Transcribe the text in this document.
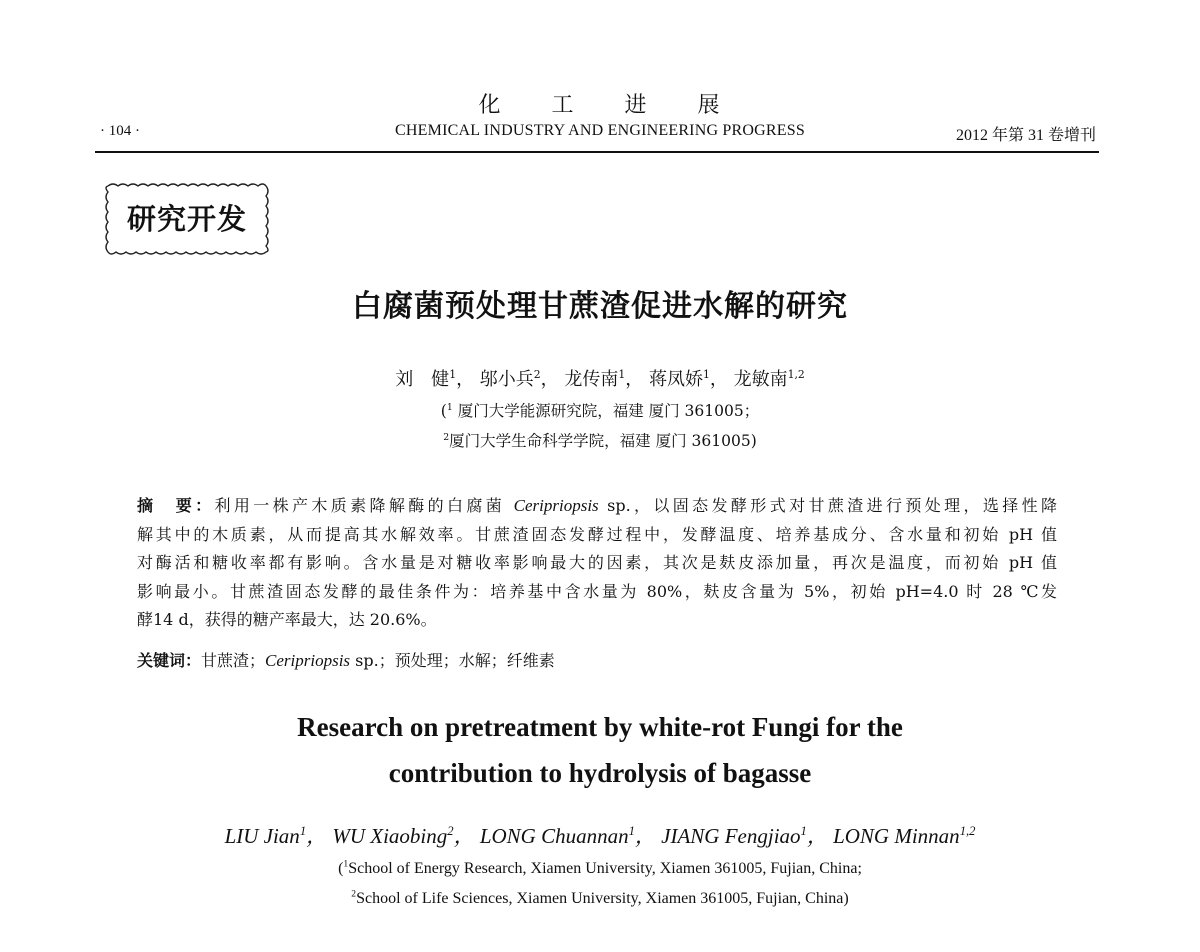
化 工 进 展
· 104 ·	CHEMICAL INDUSTRY AND ENGINEERING PROGRESS	2012 年第 31 卷增刊
研究开发
白腐菌预处理甘蔗渣促进水解的研究
刘　健$^1$， 邬小兵$^2$， 龙传南$^1$， 蒋凤娇$^1$， 龙敏南$^{1,2}$
($^1$ 厦门大学能源研究院，福建 厦门 361005；
$^2$厦门大学生命科学学院，福建 厦门 361005)
摘　要：利用一株产木质素降解酶的白腐菌 Ceripriopsis sp.，以固态发酵形式对甘蔗渣进行预处理，选择性降
解其中的木质素，从而提高其水解效率。甘蔗渣固态发酵过程中，发酵温度、培养基成分、含水量和初始 pH 值
对酶活和糖收率都有影响。含水量是对糖收率影响最大的因素，其次是麸皮添加量，再次是温度，而初始 pH 值
影响最小。甘蔗渣固态发酵的最佳条件为：培养基中含水量为 80%，麸皮含量为 5%，初始 pH=4.0 时 28 ℃发
酵14 d，获得的糖产率最大，达 20.6%。
关键词：甘蔗渣；Ceripriopsis sp.；预处理；水解；纤维素
Research on pretreatment by white-rot Fungi for the
contribution to hydrolysis of bagasse
LIU Jian$^1$， WU Xiaobing$^2$， LONG Chuannan$^1$， JIANG Fengjiao$^1$， LONG Minnan$^{1,2}$
($^1$School of Energy Research, Xiamen University, Xiamen 361005, Fujian, China;
$^2$School of Life Sciences, Xiamen University, Xiamen 361005, Fujian, China)
